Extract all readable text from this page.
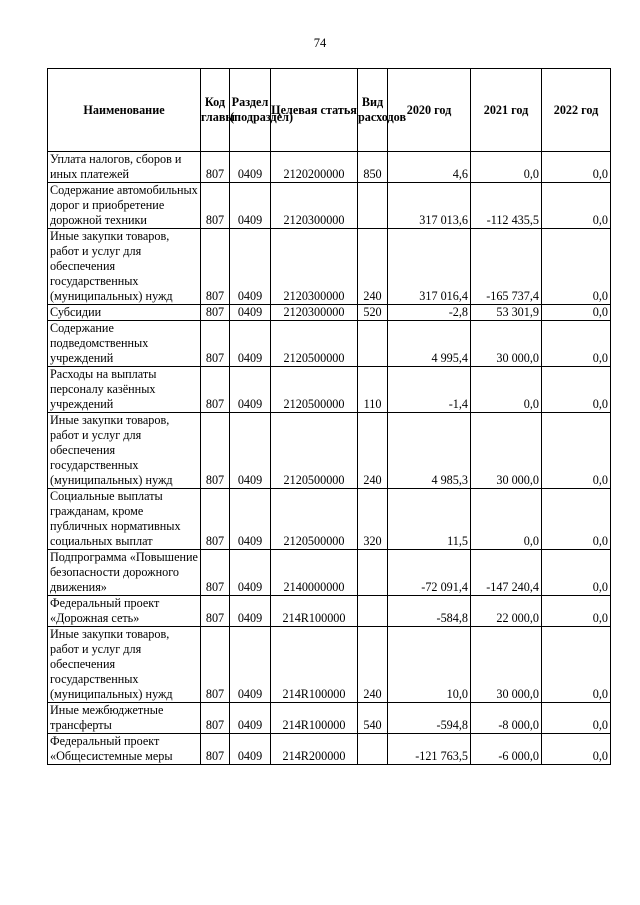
74
Наименование	Код главы	Раздел (подраздел)	Целевая статья	Вид расходов	2020 год	2021 год	2022 год
Уплата налогов, сборов и иных платежей	807	0409	2120200000	850	4,6	0,0	0,0
Содержание автомобильных дорог и приобретение дорожной техники	807	0409	2120300000		317 013,6	-112 435,5	0,0
Иные закупки товаров, работ и услуг для обеспечения государственных (муниципальных) нужд	807	0409	2120300000	240	317 016,4	-165 737,4	0,0
Субсидии	807	0409	2120300000	520	-2,8	53 301,9	0,0
Содержание подведомственных учреждений	807	0409	2120500000		4 995,4	30 000,0	0,0
Расходы на выплаты персоналу казённых учреждений	807	0409	2120500000	110	-1,4	0,0	0,0
Иные закупки товаров, работ и услуг для обеспечения государственных (муниципальных) нужд	807	0409	2120500000	240	4 985,3	30 000,0	0,0
Социальные выплаты гражданам, кроме публичных нормативных социальных выплат	807	0409	2120500000	320	11,5	0,0	0,0
Подпрограмма «Повышение безопасности дорожного движения»	807	0409	2140000000		-72 091,4	-147 240,4	0,0
Федеральный проект «Дорожная сеть»	807	0409	214R100000		-584,8	22 000,0	0,0
Иные закупки товаров, работ и услуг для обеспечения государственных (муниципальных) нужд	807	0409	214R100000	240	10,0	30 000,0	0,0
Иные межбюджетные трансферты	807	0409	214R100000	540	-594,8	-8 000,0	0,0
Федеральный проект «Общесистемные меры	807	0409	214R200000		-121 763,5	-6 000,0	0,0
